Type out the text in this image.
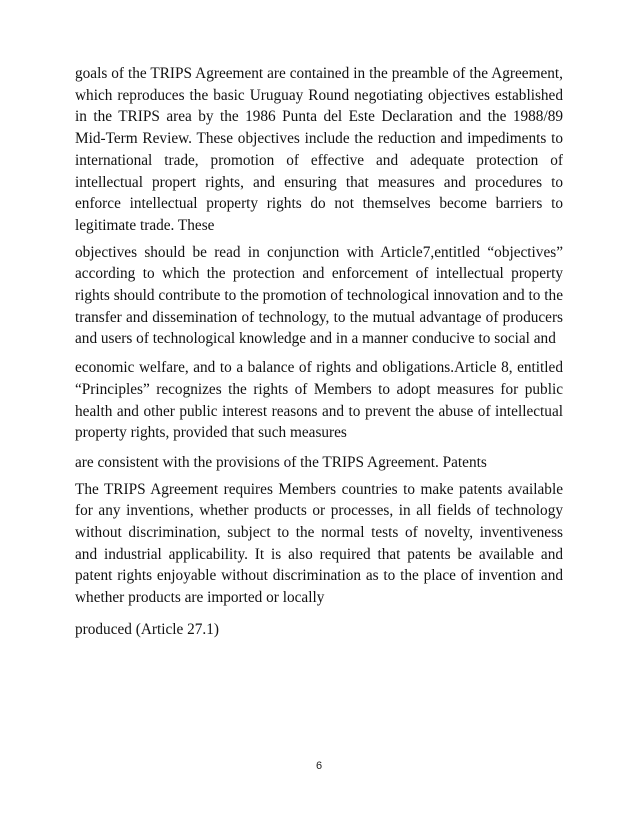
goals of the TRIPS Agreement are contained in the preamble of the Agreement, which reproduces the basic Uruguay Round negotiating objectives established in the TRIPS area by the 1986 Punta del Este Declaration and the 1988/89 Mid-Term Review. These objectives include the reduction and impediments to international trade, promotion of effective and adequate protection of intellectual propert rights, and ensuring that measures and procedures to enforce intellectual property rights do not themselves become barriers to legitimate trade. These

objectives should be read in conjunction with Article7,entitled “objectives” according to which the protection and enforcement of intellectual property rights should contribute to the promotion of technological innovation and to the transfer and dissemination of technology, to the mutual advantage of producers and users of technological knowledge and in a manner conducive to social and

economic welfare, and to a balance of rights and obligations.Article 8, entitled “Principles” recognizes the rights of Members to adopt measures for public health and other public interest reasons and to prevent the abuse of intellectual property rights, provided that such measures

are consistent with the provisions of the TRIPS Agreement. Patents

The TRIPS Agreement requires Members countries to make patents available for any inventions, whether products or processes, in all fields of technology without discrimination, subject to the normal tests of novelty, inventiveness and industrial applicability. It is also required that patents be available and patent rights enjoyable without discrimination as to the place of invention and whether products are imported or locally

produced (Article 27.1)

6
